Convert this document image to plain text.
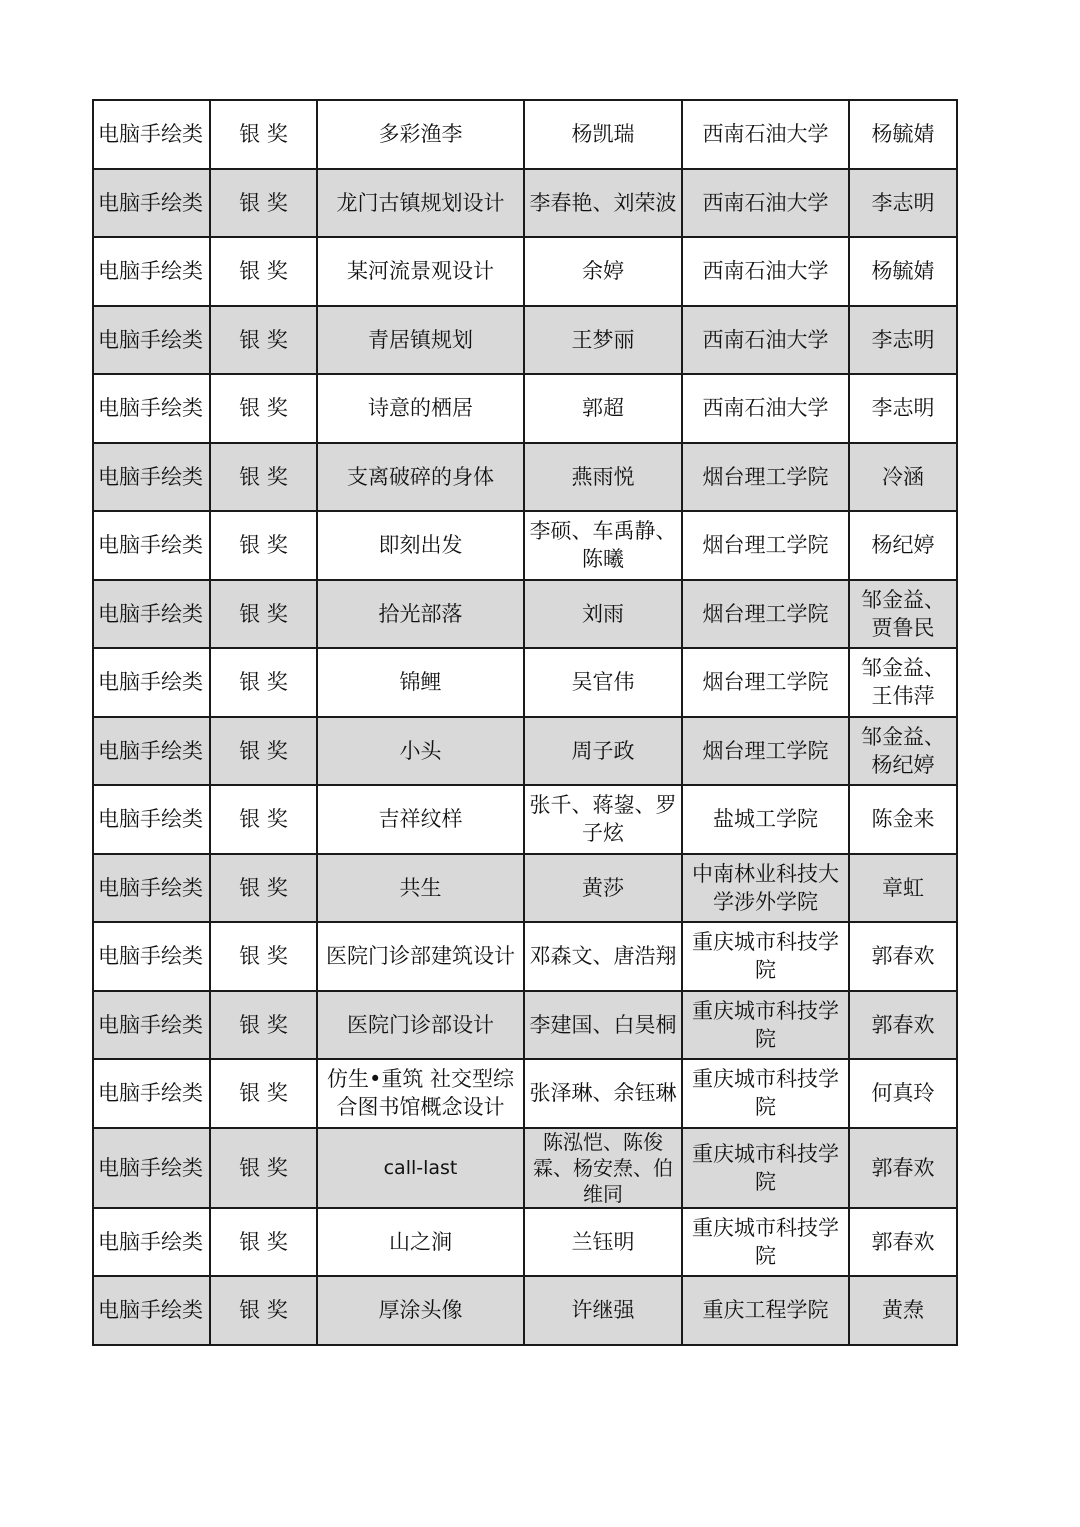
电脑手绘类	银 奖	多彩渔李	杨凯瑞	西南石油大学	杨毓婧
电脑手绘类	银 奖	龙门古镇规划设计	李春艳、刘荣波	西南石油大学	李志明
电脑手绘类	银 奖	某河流景观设计	余婷	西南石油大学	杨毓婧
电脑手绘类	银 奖	青居镇规划	王梦丽	西南石油大学	李志明
电脑手绘类	银 奖	诗意的栖居	郭超	西南石油大学	李志明
电脑手绘类	银 奖	支离破碎的身体	燕雨悦	烟台理工学院	冷涵
电脑手绘类	银 奖	即刻出发	李硕、车禹静、陈曦	烟台理工学院	杨纪婷
电脑手绘类	银 奖	拾光部落	刘雨	烟台理工学院	邹金益、贾鲁民
电脑手绘类	银 奖	锦鲤	吴官伟	烟台理工学院	邹金益、王伟萍
电脑手绘类	银 奖	小头	周子政	烟台理工学院	邹金益、杨纪婷
电脑手绘类	银 奖	吉祥纹样	张千、蒋鋆、罗子炫	盐城工学院	陈金来
电脑手绘类	银 奖	共生	黄莎	中南林业科技大学涉外学院	章虹
电脑手绘类	银 奖	医院门诊部建筑设计	邓森文、唐浩翔	重庆城市科技学院	郭春欢
电脑手绘类	银 奖	医院门诊部设计	李建国、白昊桐	重庆城市科技学院	郭春欢
电脑手绘类	银 奖	仿生•重筑 社交型综合图书馆概念设计	张泽琳、余钰琳	重庆城市科技学院	何真玲
电脑手绘类	银 奖	call-last	陈泓恺、陈俊霖、杨安焘、伯维同	重庆城市科技学院	郭春欢
电脑手绘类	银 奖	山之涧	兰钰明	重庆城市科技学院	郭春欢
电脑手绘类	银 奖	厚涂头像	许继强	重庆工程学院	黄焘
